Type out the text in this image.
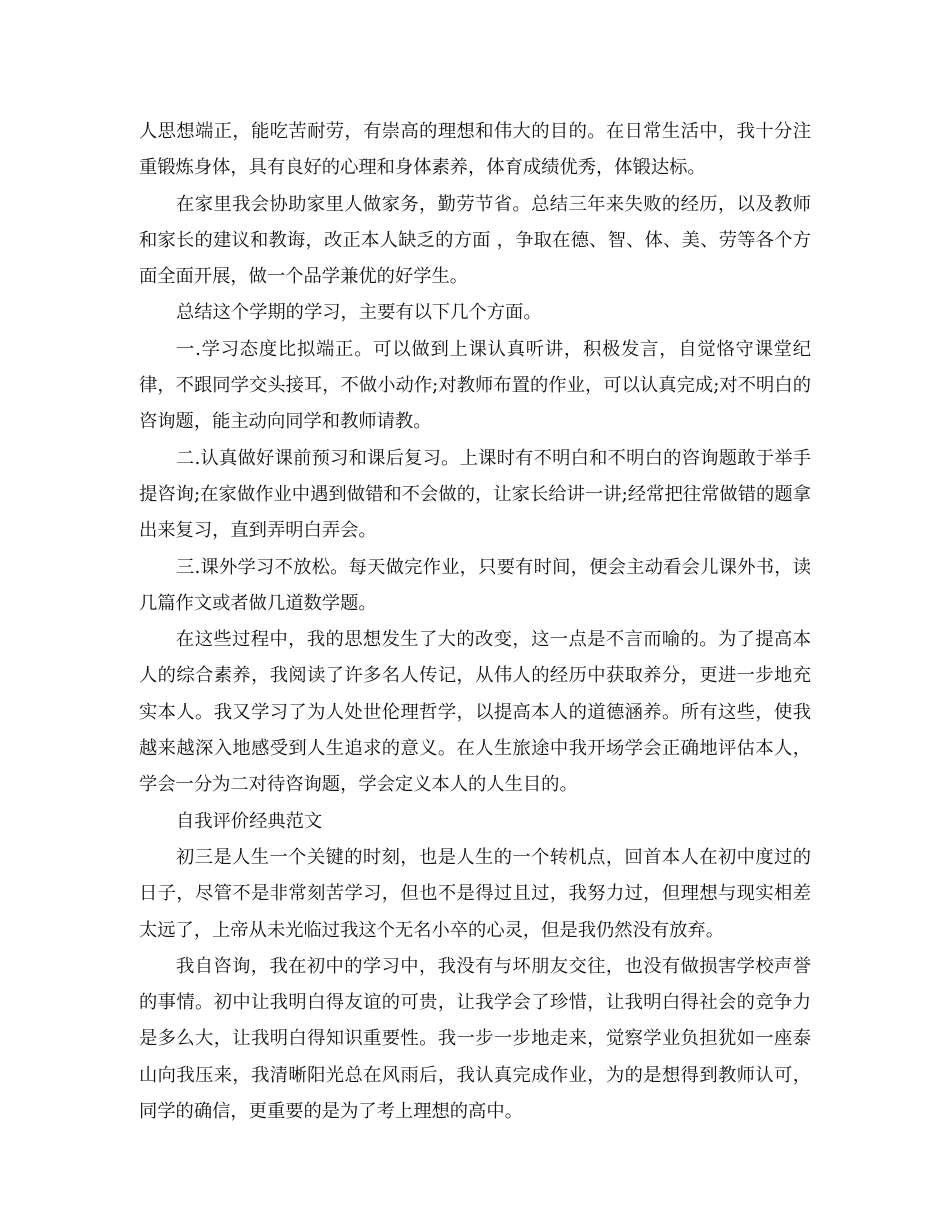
人思想端正，能吃苦耐劳，有崇高的理想和伟大的目的。在日常生活中，我十分注重锻炼身体，具有良好的心理和身体素养，体育成绩优秀，体锻达标。

在家里我会协助家里人做家务，勤劳节省。总结三年来失败的经历，以及教师和家长的建议和教诲，改正本人缺乏的方面 ，争取在德、智、体、美、劳等各个方面全面开展，做一个品学兼优的好学生。

总结这个学期的学习，主要有以下几个方面。

一.学习态度比拟端正。可以做到上课认真听讲，积极发言，自觉恪守课堂纪律，不跟同学交头接耳，不做小动作;对教师布置的作业，可以认真完成;对不明白的咨询题，能主动向同学和教师请教。

二.认真做好课前预习和课后复习。上课时有不明白和不明白的咨询题敢于举手提咨询;在家做作业中遇到做错和不会做的，让家长给讲一讲;经常把往常做错的题拿出来复习，直到弄明白弄会。

三.课外学习不放松。每天做完作业，只要有时间，便会主动看会儿课外书，读几篇作文或者做几道数学题。

在这些过程中，我的思想发生了大的改变，这一点是不言而喻的。为了提高本人的综合素养，我阅读了许多名人传记，从伟人的经历中获取养分，更进一步地充实本人。我又学习了为人处世伦理哲学，以提高本人的道德涵养。所有这些，使我越来越深入地感受到人生追求的意义。在人生旅途中我开场学会正确地评估本人，学会一分为二对待咨询题，学会定义本人的人生目的。

自我评价经典范文

初三是人生一个关键的时刻，也是人生的一个转机点，回首本人在初中度过的日子，尽管不是非常刻苦学习，但也不是得过且过，我努力过，但理想与现实相差太远了，上帝从未光临过我这个无名小卒的心灵，但是我仍然没有放弃。

我自咨询，我在初中的学习中，我没有与坏朋友交往，也没有做损害学校声誉的事情。初中让我明白得友谊的可贵，让我学会了珍惜，让我明白得社会的竞争力是多么大，让我明白得知识重要性。我一步一步地走来，觉察学业负担犹如一座泰山向我压来，我清晰阳光总在风雨后，我认真完成作业，为的是想得到教师认可，同学的确信，更重要的是为了考上理想的高中。
